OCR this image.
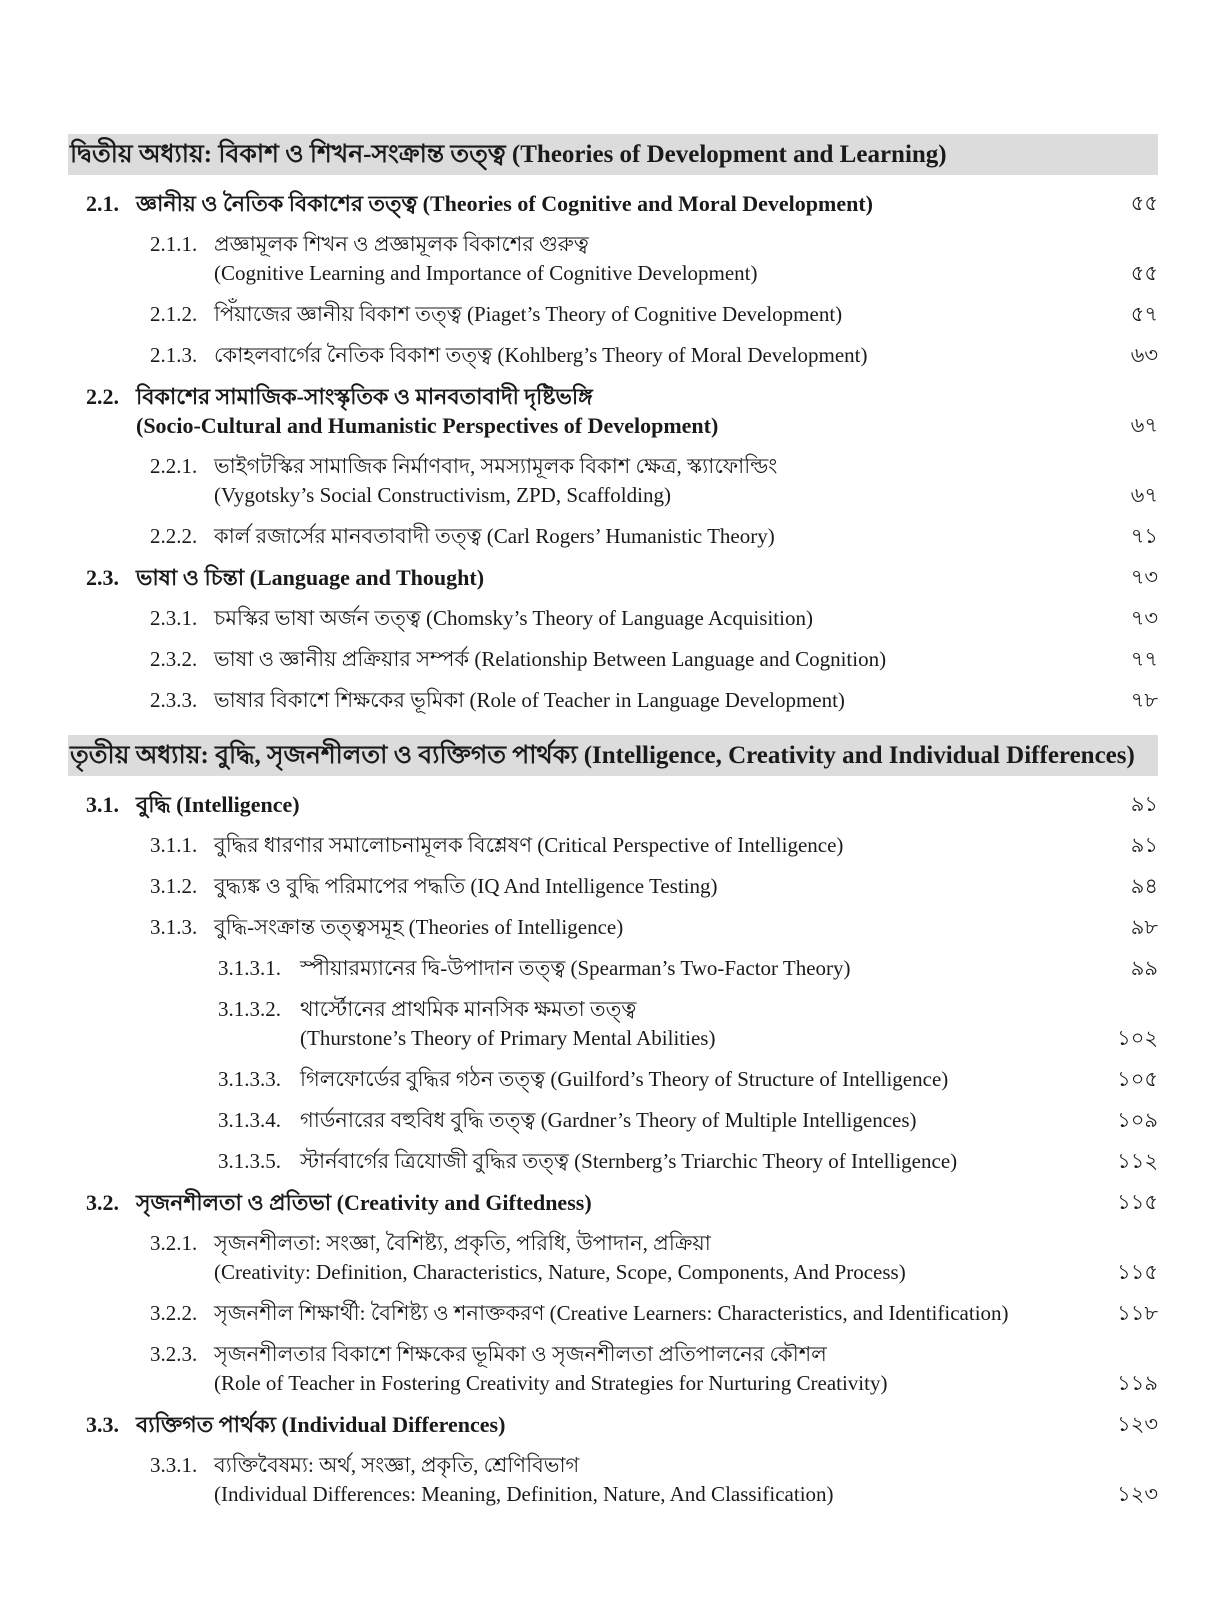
দ্বিতীয় অধ্যায়: বিকাশ ও শিখন-সংক্রান্ত তত্ত্ব (Theories of Development and Learning)
2.1. জ্ঞানীয় ও নৈতিক বিকাশের তত্ত্ব (Theories of Cognitive and Moral Development)	৫৫
2.1.1. প্রজ্ঞামূলক শিখন ও প্রজ্ঞামূলক বিকাশের গুরুত্ব
(Cognitive Learning and Importance of Cognitive Development)	৫৫
2.1.2. পিঁয়াজের জ্ঞানীয় বিকাশ তত্ত্ব (Piaget’s Theory of Cognitive Development)	৫৭
2.1.3. কোহলবার্গের নৈতিক বিকাশ তত্ত্ব (Kohlberg’s Theory of Moral Development)	৬৩
2.2. বিকাশের সামাজিক-সাংস্কৃতিক ও মানবতাবাদী দৃষ্টিভঙ্গি
(Socio-Cultural and Humanistic Perspectives of Development)	৬৭
2.2.1. ভাইগটস্কির সামাজিক নির্মাণবাদ, সমস্যামূলক বিকাশ ক্ষেত্র, স্ক্যাফোল্ডিং
(Vygotsky’s Social Constructivism, ZPD, Scaffolding)	৬৭
2.2.2. কার্ল রজার্সের মানবতাবাদী তত্ত্ব (Carl Rogers’ Humanistic Theory)	৭১
2.3. ভাষা ও চিন্তা (Language and Thought)	৭৩
2.3.1. চমস্কির ভাষা অর্জন তত্ত্ব (Chomsky’s Theory of Language Acquisition)	৭৩
2.3.2. ভাষা ও জ্ঞানীয় প্রক্রিয়ার সম্পর্ক (Relationship Between Language and Cognition)	৭৭
2.3.3. ভাষার বিকাশে শিক্ষকের ভূমিকা (Role of Teacher in Language Development)	৭৮
তৃতীয় অধ্যায়: বুদ্ধি, সৃজনশীলতা ও ব্যক্তিগত পার্থক্য (Intelligence, Creativity and Individual Differences)
3.1. বুদ্ধি (Intelligence)	৯১
3.1.1. বুদ্ধির ধারণার সমালোচনামূলক বিশ্লেষণ (Critical Perspective of Intelligence)	৯১
3.1.2. বুদ্ধ্যঙ্ক ও বুদ্ধি পরিমাপের পদ্ধতি (IQ And Intelligence Testing)	৯৪
3.1.3. বুদ্ধি-সংক্রান্ত তত্ত্বসমূহ (Theories of Intelligence)	৯৮
3.1.3.1. স্পীয়ারম্যানের দ্বি-উপাদান তত্ত্ব (Spearman’s Two-Factor Theory)	৯৯
3.1.3.2. থার্স্টোনের প্রাথমিক মানসিক ক্ষমতা তত্ত্ব
(Thurstone’s Theory of Primary Mental Abilities)	১০২
3.1.3.3. গিলফোর্ডের বুদ্ধির গঠন তত্ত্ব (Guilford’s Theory of Structure of Intelligence)	১০৫
3.1.3.4. গার্ডনারের বহুবিধ বুদ্ধি তত্ত্ব (Gardner’s Theory of Multiple Intelligences)	১০৯
3.1.3.5. স্টার্নবার্গের ত্রিযোজী বুদ্ধির তত্ত্ব (Sternberg’s Triarchic Theory of Intelligence)	১১২
3.2. সৃজনশীলতা ও প্রতিভা (Creativity and Giftedness)	১১৫
3.2.1. সৃজনশীলতা: সংজ্ঞা, বৈশিষ্ট্য, প্রকৃতি, পরিধি, উপাদান, প্রক্রিয়া
(Creativity: Definition, Characteristics, Nature, Scope, Components, And Process)	১১৫
3.2.2. সৃজনশীল শিক্ষার্থী: বৈশিষ্ট্য ও শনাক্তকরণ (Creative Learners: Characteristics, and Identification)	১১৮
3.2.3. সৃজনশীলতার বিকাশে শিক্ষকের ভূমিকা ও সৃজনশীলতা প্রতিপালনের কৌশল
(Role of Teacher in Fostering Creativity and Strategies for Nurturing Creativity)	১১৯
3.3. ব্যক্তিগত পার্থক্য (Individual Differences)	১২৩
3.3.1. ব্যক্তিবৈষম্য: অর্থ, সংজ্ঞা, প্রকৃতি, শ্রেণিবিভাগ
(Individual Differences: Meaning, Definition, Nature, And Classification)	১২৩
